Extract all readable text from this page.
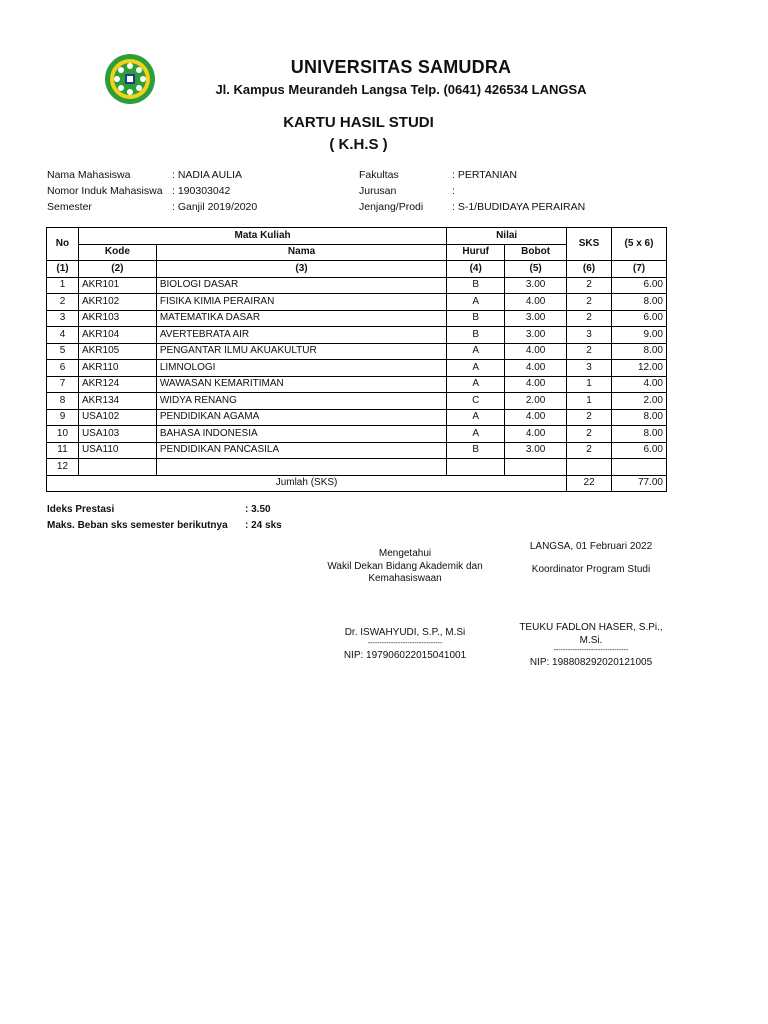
UNIVERSITAS SAMUDRA
Jl. Kampus Meurandeh Langsa Telp. (0641) 426534 LANGSA
KARTU HASIL STUDI
( K.H.S )
Nama Mahasiswa	: NADIA AULIA
Nomor Induk Mahasiswa : 190303042
Semester	: Ganjil 2019/2020
Fakultas	: PERTANIAN
Jurusan	:
Jenjang/Prodi	: S-1/BUDIDAYA PERAIRAN
No	Mata Kuliah		Nilai		SKS	(5 x 6)
	Kode	Nama	Huruf	Bobot		
(1)	(2)	(3)	(4)	(5)	(6)	(7)
1	AKR101	BIOLOGI DASAR	B	3.00	2	6.00
2	AKR102	FISIKA KIMIA PERAIRAN	A	4.00	2	8.00
3	AKR103	MATEMATIKA DASAR	B	3.00	2	6.00
4	AKR104	AVERTEBRATA AIR	B	3.00	3	9.00
5	AKR105	PENGANTAR ILMU AKUAKULTUR	A	4.00	2	8.00
6	AKR110	LIMNOLOGI	A	4.00	3	12.00
7	AKR124	WAWASAN KEMARITIMAN	A	4.00	1	4.00
8	AKR134	WIDYA RENANG	C	2.00	1	2.00
9	USA102	PENDIDIKAN AGAMA	A	4.00	2	8.00
10	USA103	BAHASA INDONESIA	A	4.00	2	8.00
11	USA110	PENDIDIKAN PANCASILA	B	3.00	2	6.00
12						
Jumlah (SKS)					22	77.00
Ideks Prestasi	: 3.50
Maks. Beban sks semester berikutnya : 24 sks
Mengetahui
Wakil Dekan Bidang Akademik dan
Kemahasiswaan
Dr. ISWAHYUDI, S.P., M.Si
--------------------------------
NIP: 197906022015041001
LANGSA, 01 Februari 2022
Koordinator Program Studi
TEUKU FADLON HASER, S.Pi.,
M.Si.
--------------------------------
NIP: 198808292020121005
